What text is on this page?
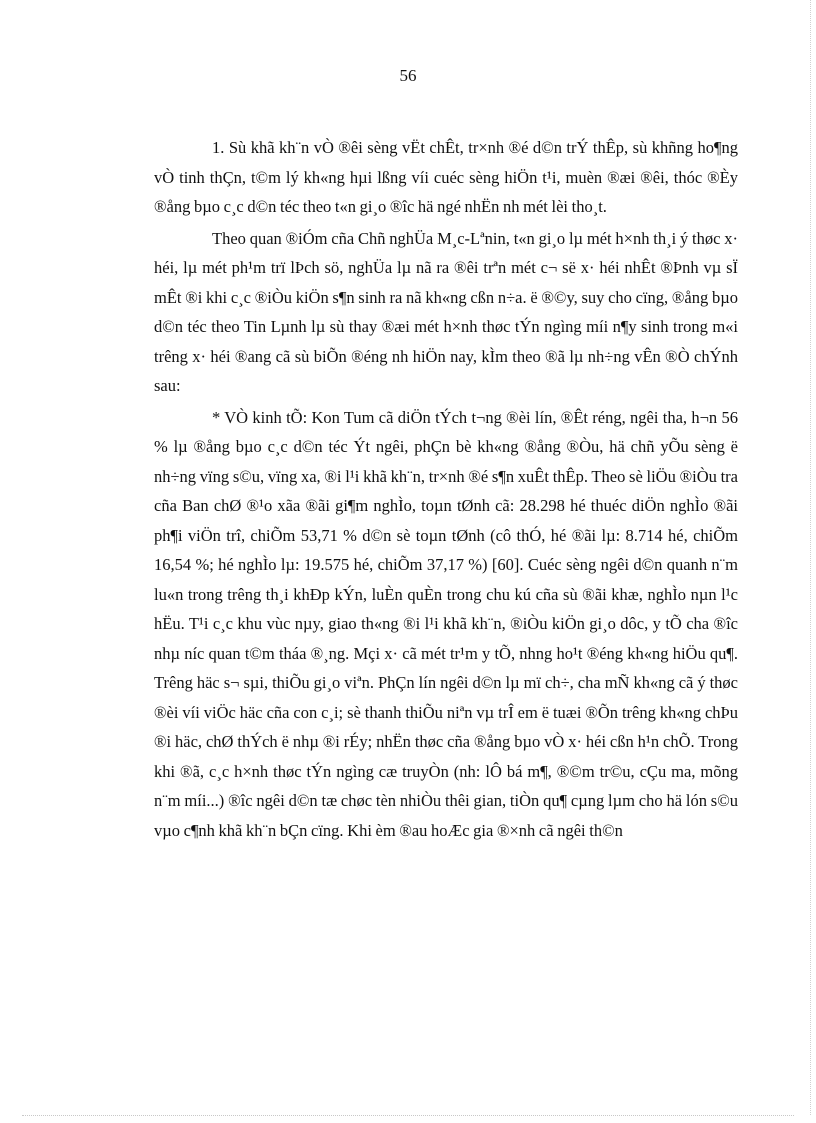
56

1. Sù khã kh¨n vÒ ®êi sèng vËt chÊt, tr×nh ®é d©n trÝ thÊp, sù khñng ho¶ng vÒ tinh thÇn, t©m lý kh«ng hµi lßng víi cuéc sèng hiÖn t¹i, muèn ®æi ®êi, thóc ®Èy ®ång bµo c¸c d©n téc theo t«n gi¸o ®îc hä ngé nhËn nh mét lèi tho¸t.

Theo quan ®iÓm cña Chñ nghÜa M¸c-Lªnin, t«n gi¸o lµ mét h×nh th¸i ý thøc x· héi, lµ mét ph¹m trï lÞch sö, nghÜa lµ nã ra ®êi trªn mét c¬ së x· héi nhÊt ®Þnh vµ sÏ mÊt ®i khi c¸c ®iÒu kiÖn s¶n sinh ra nã kh«ng cßn n÷a. ë ®©y, suy cho cïng, ®ång bµo d©n téc theo Tin Lµnh lµ sù thay ®æi mét h×nh thøc tÝn ngìng míi n¶y sinh trong m«i trêng x· héi ®ang cã sù biÕn ®éng nh hiÖn nay, kÌm theo ®ã lµ nh÷ng vÊn ®Ò chÝnh sau:

* VÒ kinh tÕ: Kon Tum cã diÖn tÝch t¬ng ®èi lín, ®Êt réng, ngêi tha, h¬n 56 % lµ ®ång bµo c¸c d©n téc Ýt ngêi, phÇn bè kh«ng ®ång ®Òu, hä chñ yÕu sèng ë nh÷ng vïng s©u, vïng xa, ®i l¹i khã kh¨n, tr×nh ®é s¶n xuÊt thÊp. Theo sè liÖu ®iÒu tra cña Ban chØ ®¹o xãa ®ãi gi¶m nghÌo, toµn tØnh cã: 28.298 hé thuéc diÖn nghÌo ®ãi ph¶i viÖn trî, chiÕm 53,71 % d©n sè toµn tØnh (cô thÓ, hé ®ãi lµ: 8.714 hé, chiÕm 16,54 %; hé nghÌo lµ: 19.575 hé, chiÕm 37,17 %) [60]. Cuéc sèng ngêi d©n quanh n¨m lu«n trong trêng th¸i khÐp kÝn, luÈn quÈn trong chu kú cña sù ®ãi khæ, nghÌo nµn l¹c hËu. T¹i c¸c khu vùc nµy, giao th«ng ®i l¹i khã kh¨n, ®iÒu kiÖn gi¸o dôc, y tÕ cha ®îc nhµ níc quan t©m tháa ®¸ng. Mçi x· cã mét tr¹m y tÕ, nhng ho¹t ®éng kh«ng hiÖu qu¶. Trêng häc s¬ sµi, thiÕu gi¸o viªn. PhÇn lín ngêi d©n lµ mï ch÷, cha mÑ kh«ng cã ý thøc ®èi víi viÖc häc cña con c¸i; sè thanh thiÕu niªn vµ trÎ em ë tuæi ®Õn trêng kh«ng chÞu ®i häc, chØ thÝch ë nhµ ®i rÉy; nhËn thøc cña ®ång bµo vÒ x· héi cßn h¹n chÕ. Trong khi ®ã, c¸c h×nh thøc tÝn ngìng cæ truyÒn (nh: lÔ bá m¶, ®©m tr©u, cÇu ma, mõng n¨m míi...) ®îc ngêi d©n tæ chøc tèn nhiÒu thêi gian, tiÒn qu¶ cµng lµm cho hä lón s©u vµo c¶nh khã kh¨n bÇn cïng. Khi èm ®au hoÆc gia ®×nh cã ngêi th©n
